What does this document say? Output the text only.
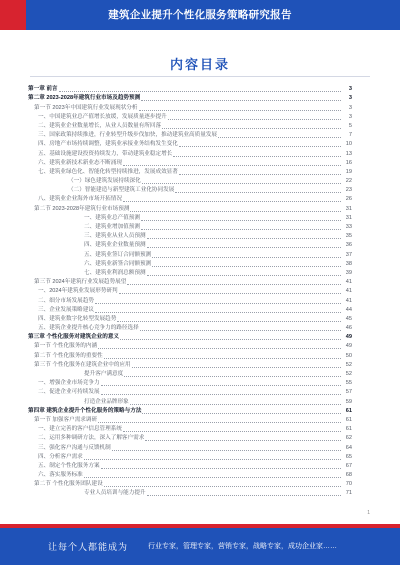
建筑企业提升个性化服务策略研究报告
内容目录
第一章 前言	3
第二章 2023-2028年建筑行业市场及趋势预测	3
第一节 2023年中国建筑行业发展现状分析	3
一、中国建筑业总产值增长放缓，发展质量逐步提升	3
二、建筑业企业数量增长，从业人员数量有所回落	5
三、国家政策持续推进，行业转型升级步伐加快，推动建筑业高质量发展	7
四、房地产市场持续调整，建筑业承接业务结构发生变化	10
五、基础设施建设投资持续发力，带动建筑业稳定增长	13
六、建筑业新技术新业态不断涌现	16
七、建筑业绿色化、智能化转型持续推进，发展成效显著	19
（一）绿色建筑发展持续深化	22
（二）智能建造与新型建筑工业化协同发展	23
八、建筑业企业海外市场开拓情况	26
第二节 2023-2028年建筑行业市场预测	31
一、建筑业总产值预测	31
二、建筑业增加值预测	33
三、建筑业从业人员预测	35
四、建筑业企业数量预测	36
五、建筑业签订合同额预测	37
六、建筑业新签合同额预测	38
七、建筑业利润总额预测	39
第三节 2024年建筑行业发展趋势展望	41
一、2024年建筑业发展形势研判	41
二、细分市场发展趋势	41
三、企业发展策略建议	44
四、建筑业数字化转型发展趋势	45
五、建筑企业提升核心竞争力的路径选择	46
第三章 个性化服务对建筑企业的意义	49
第一节 个性化服务的内涵	49
第二节 个性化服务的重要性	50
第三节 个性化服务在建筑企业中的应用	52
提升客户满意度	52
一、增强企业市场竞争力	55
二、促进企业可持续发展	57
打造企业品牌形象	59
第四章 建筑企业提升个性化服务的策略与方法	61
第一节 加强客户需求调研	61
一、建立完善的客户信息管理系统	61
二、运用多种调研方法，深入了解客户需求	62
三、强化客户沟通与反馈机制	64
四、分析客户需求	65
五、制定个性化服务方案	67
六、落实服务标准	68
第二节 个性化服务团队建设	70
专业人员培训与能力提升	71
1
让每个人都能成为	行业专家，管理专家，营销专家，战略专家，成功企业家……
